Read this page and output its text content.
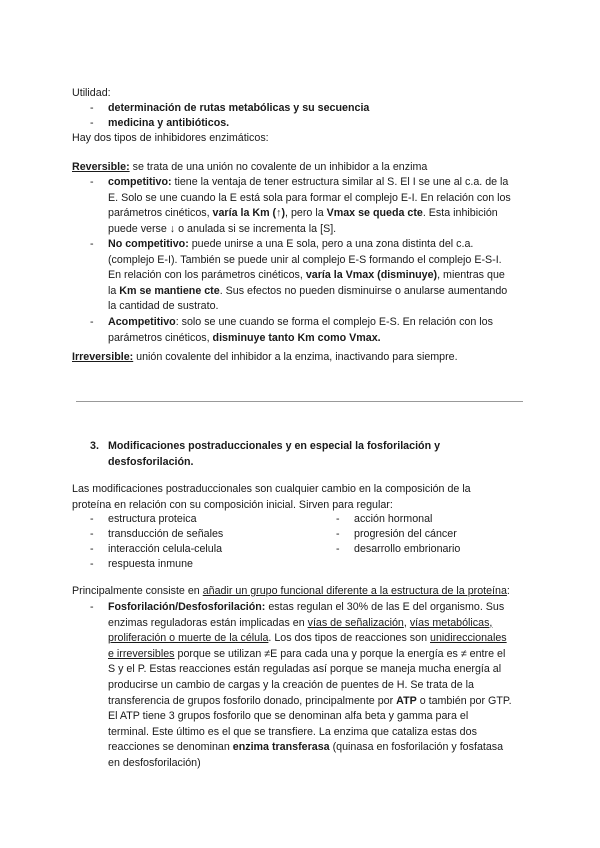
Utilidad:
- determinación de rutas metabólicas y su secuencia
- medicina y antibióticos.
Hay dos tipos de inhibidores enzimáticos:
Reversible: se trata de una unión no covalente de un inhibidor a la enzima
- competitivo: tiene la ventaja de tener estructura similar al S. El I se une al c.a. de la
E. Solo se une cuando la E está sola para formar el complejo E-I. En relación con los
parámetros cinéticos, varía la Km (↑), pero la Vmax se queda cte. Esta inhibición
puede verse ↓ o anulada si se incrementa la [S].
- No competitivo: puede unirse a una E sola, pero a una zona distinta del c.a.
(complejo E-I). También se puede unir al complejo E-S formando el complejo E-S-I.
En relación con los parámetros cinéticos, varía la Vmax (disminuye), mientras que
la Km se mantiene cte. Sus efectos no pueden disminuirse o anularse aumentando
la cantidad de sustrato.
- Acompetitivo: solo se une cuando se forma el complejo E-S. En relación con los
parámetros cinéticos, disminuye tanto Km como Vmax.
Irreversible: unión covalente del inhibidor a la enzima, inactivando para siempre.
3. Modificaciones postraduccionales y en especial la fosforilación y
desfosforilación.
Las modificaciones postraduccionales son cualquier cambio en la composición de la
proteína en relación con su composición inicial. Sirven para regular:
- estructura proteica	- acción hormonal
- transducción de señales	- progresión del cáncer
- interacción celula-celula	- desarrollo embrionario
- respuesta inmune
Principalmente consiste en añadir un grupo funcional diferente a la estructura de la proteína:
- Fosforilación/Desfosforilación: estas regulan el 30% de las E del organismo. Sus
enzimas reguladoras están implicadas en vías de señalización, vías metabólicas,
proliferación o muerte de la célula. Los dos tipos de reacciones son unidireccionales
e irreversibles porque se utilizan ≠E para cada una y porque la energía es ≠ entre el
S y el P. Estas reacciones están reguladas así porque se maneja mucha energía al
producirse un cambio de cargas y la creación de puentes de H. Se trata de la
transferencia de grupos fosforilo donado, principalmente por ATP o también por GTP.
El ATP tiene 3 grupos fosforilo que se denominan alfa beta y gamma para el
terminal. Este último es el que se transfiere. La enzima que cataliza estas dos
reacciones se denominan enzima transferasa (quinasa en fosforilación y fosfatasa
en desfosforilación)
